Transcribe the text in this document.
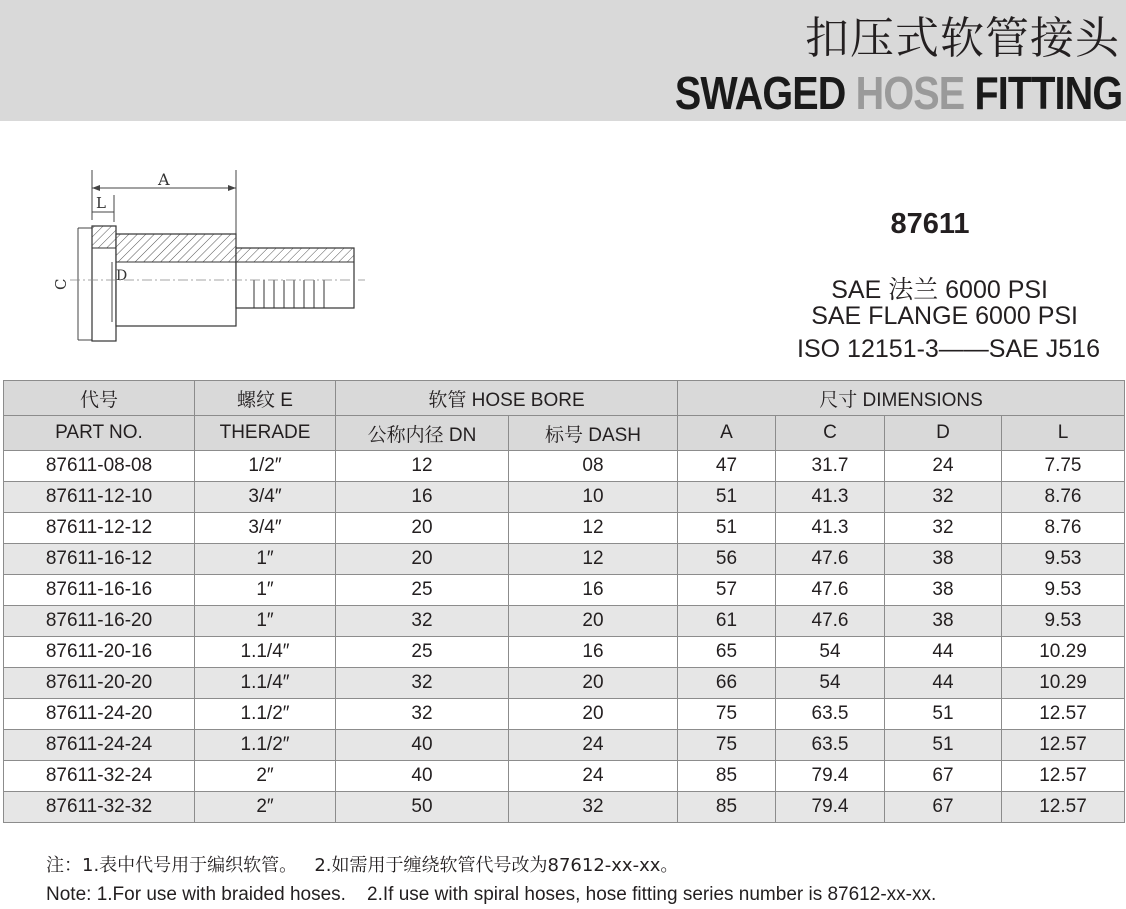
扣压式软管接头
SWAGED HOSE FITTING
A
L
C
D
87611
SAE 法兰 6000 PSI
SAE FLANGE 6000 PSI
ISO 12151-3——SAE J516
代号	螺纹 E	软管 HOSE BORE		尺寸 DIMENSIONS			
PART NO.	THERADE	公称内径 DN	标号 DASH	A	C	D	L
87611-08-08	1/2″	12	08	47	31.7	24	7.75
87611-12-10	3/4″	16	10	51	41.3	32	8.76
87611-12-12	3/4″	20	12	51	41.3	32	8.76
87611-16-12	1″	20	12	56	47.6	38	9.53
87611-16-16	1″	25	16	57	47.6	38	9.53
87611-16-20	1″	32	20	61	47.6	38	9.53
87611-20-16	1.1/4″	25	16	65	54	44	10.29
87611-20-20	1.1/4″	32	20	66	54	44	10.29
87611-24-20	1.1/2″	32	20	75	63.5	51	12.57
87611-24-24	1.1/2″	40	24	75	63.5	51	12.57
87611-32-24	2″	40	24	85	79.4	67	12.57
87611-32-32	2″	50	32	85	79.4	67	12.57
注：1.表中代号用于编织软管。   2.如需用于缠绕软管代号改为87612-xx-xx。
Note: 1.For use with braided hoses.    2.If use with spiral hoses, hose fitting series number is 87612-xx-xx.
